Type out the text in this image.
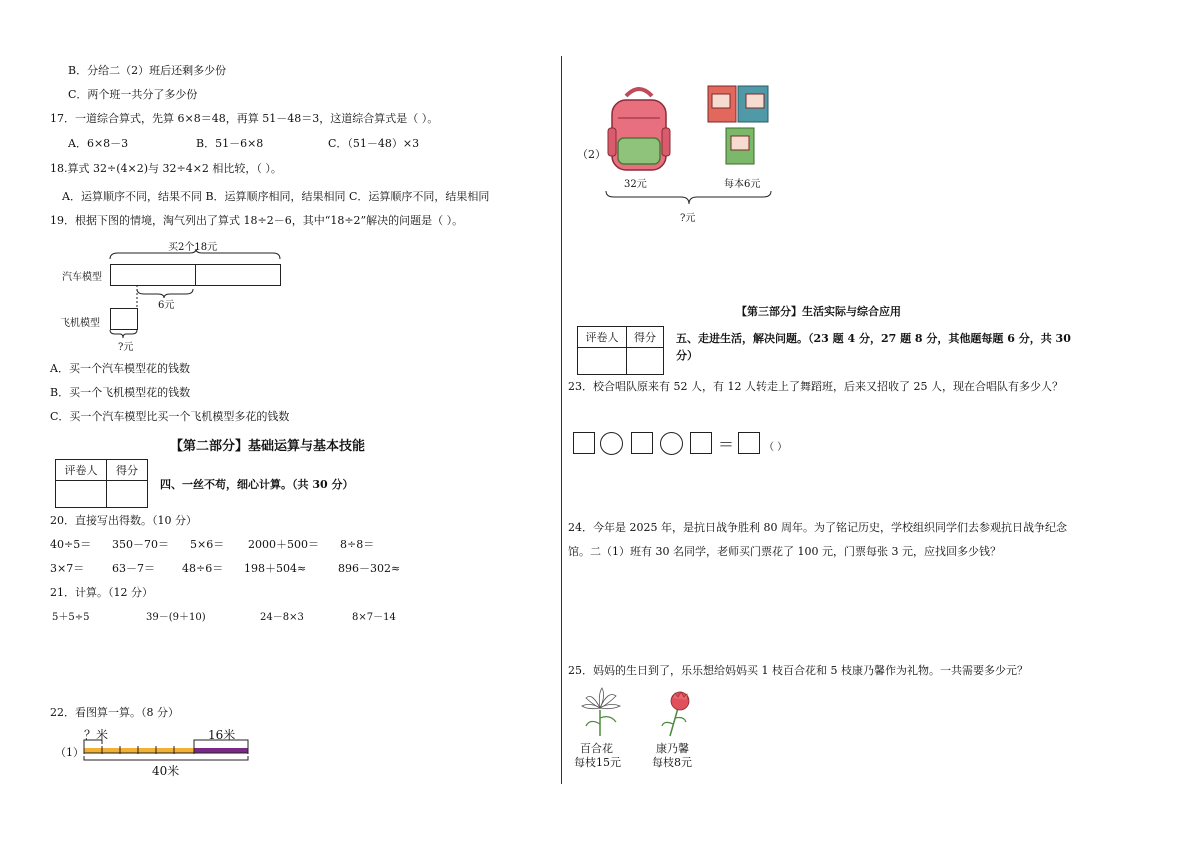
B．分给二（2）班后还剩多少份
C．两个班一共分了多少份
17．一道综合算式，先算 6×8＝48，再算 51－48＝3，这道综合算式是（ ）。
A．6×8－3	B．51－6×8	C．（51－48）×3
18.算式 32÷(4×2)与 32÷4×2 相比较，（ ）。
A．运算顺序不同，结果不同 B．运算顺序相同，结果相同 C．运算顺序不同，结果相同
19．根据下图的情境，淘气列出了算式 18÷2－6，其中“18÷2”解决的问题是（ ）。
买2个18元
汽车模型
6元
飞机模型
?元
A．买一个汽车模型花的钱数
B．买一个飞机模型花的钱数
C．买一个汽车模型比买一个飞机模型多花的钱数
【第二部分】基础运算与基本技能
评卷人	得分

四、一丝不苟，细心计算。（共 30 分）
20．直接写出得数。（10 分）
40÷5＝ 350－70＝ 5×6＝ 2000＋500＝ 8÷8＝
3×7＝	63－7＝ 48÷6＝ 198＋504≈	896－302≈
21．计算。（12 分）
5＋5÷5	39－(9＋10)	24－8×3	8×7－14
22．看图算一算。（8 分）
（1）
？米	16米
40米
（2）
32元	每本6元
?元
【第三部分】生活实际与综合应用
评卷人	得分
	五、走进生活，解决问题。（23 题 4 分，27 题 8 分，其他题每题 6 分，共 30 分）
23．校合唱队原来有 52 人，有 12 人转走上了舞蹈班，后来又招收了 25 人，现在合唱队有多少人？
＝	（ ）
24．今年是 2025 年，是抗日战争胜利 80 周年。为了铭记历史，学校组织同学们去参观抗日战争纪念馆。二（1）班有 30 名同学，老师买门票花了 100 元，门票每张 3 元，应找回多少钱？
25．妈妈的生日到了，乐乐想给妈妈买 1 枝百合花和 5 枝康乃馨作为礼物。一共需要多少元？
百合花
每枝15元
康乃馨
每枝8元
